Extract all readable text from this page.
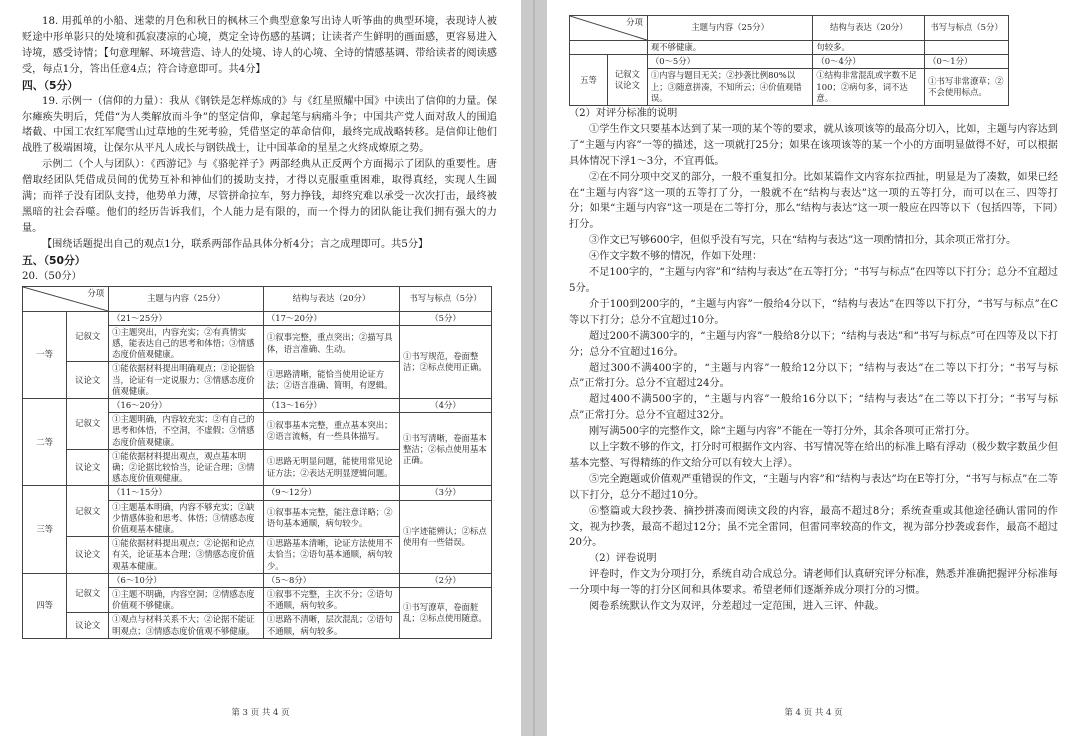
18. 用孤单的小船、迷蒙的月色和秋日的枫林三个典型意象写出诗人听筝曲的典型环境，表现诗人被贬途中形单影只的处境和孤寂凄凉的心境，奠定全诗伤感的基调；让读者产生鲜明的画面感，更容易进入诗境，感受诗情；【句意理解、环境营造、诗人的处境、诗人的心境、全诗的情感基调、带给读者的阅读感受，每点1分，答出任意4点；符合诗意即可。共4分】

四、（5分）

19. 示例一（信仰的力量）：我从《钢铁是怎样炼成的》与《红星照耀中国》中读出了信仰的力量。保尔瘫痪失明后，凭借“为人类解放而斗争”的坚定信仰，拿起笔与病痛斗争；中国共产党人面对敌人的围追堵截、中国工农红军爬雪山过草地的生死考验，凭借坚定的革命信仰，最终完成战略转移。是信仰让他们战胜了极端困境，让保尔从平凡人成长与钢铁战士，让中国革命的星星之火终成燎原之势。

示例二（个人与团队）：《西游记》与《骆驼祥子》两部经典从正反两个方面揭示了团队的重要性。唐僧取经团队凭借成员间的优势互补和神仙们的援助支持，才得以克服重重困难，取得真经，实现人生圆满；而祥子没有团队支持，他势单力薄，尽管拼命拉车，努力挣钱，却终究难以承受一次次打击，最终被黑暗的社会吞噬。他们的经历告诉我们，个人能力是有限的，而一个得力的团队能让我们拥有强大的力量。

【围绕话题提出自己的观点1分，联系两部作品具体分析4分；言之成理即可。共5分】

五、（50分）

20.（50分）

分项		主题与内容（25分）	结构与表达（20分）	书写与标点（5分）
一等	记叙文	（21～25分）	（17～20分）	（5分）
		①主题突出，内容充实；②有真情实感，能表达自己的思考和体悟；③情感态度价值观健康。	①叙事完整，重点突出；②描写具体，语言准确、生动。	①书写规范，卷面整洁；②标点使用正确。
	议论文	①能依据材料提出明确观点；②论据恰当，论证有一定说服力；③情感态度价值观健康。	①思路清晰，能恰当使用论证方法；②语言准确、简明，有逻辑。	
二等	记叙文	（16～20分）	（13～16分）	（4分）
		①主题明确，内容较充实；②有自己的思考和体悟，不空洞，不虚假；③情感态度价值观健康。	①叙事基本完整，重点基本突出；②语言流畅，有一些具体描写。	①书写清晰，卷面基本整洁；②标点使用基本正确。
	议论文	①能依据材料提出观点，观点基本明确；②论据比较恰当，论证合理；③情感态度价值观健康。	①思路无明显问题，能使用常见论证方法；②表达无明显逻辑问题。	
三等	记叙文	（11～15分）	（9～12分）	（3分）
		①主题基本明确，内容不够充实；②缺少情感体验和思考、体悟；③情感态度价值观基本健康。	①叙事基本完整，能注意详略；②语句基本通顺，病句较少。	①字迹能辨认；②标点使用有一些错误。
	议论文	①能依据材料提出观点；②论据和论点有关，论证基本合理；③情感态度价值观基本健康。	①思路基本清晰，论证方法使用不太恰当；②语句基本通顺，病句较少。	
四等	记叙文	（6～10分）	（5～8分）	（2分）
		①主题不明确，内容空洞；②情感态度价值观不够健康。	①叙事不完整，主次不分；②语句不通顺，病句较多。	①书写潦草，卷面脏乱；②标点使用随意。
	议论文	①观点与材料关系不大；②论据不能证明观点；③情感态度价值观不够健康。	①思路不清晰，层次混乱；②语句不通顺，病句较多。	
第 3 页 共 4 页
分项		主题与内容（25分）	结构与表达（20分）	书写与标点（5分）
		观不够健康。	句较多。	
五等	记叙文议论文	（0～5分）	（0～4分）	（0～1分）
		①内容与题目无关；②抄袭比例80%以上；③随意拼凑，不知所云；④价值观错误。	①结构非常混乱或字数不足100；②病句多，词不达意。	①书写非常潦草；②不会使用标点。

（2）对评分标准的说明

①学生作文只要基本达到了某一项的某个等的要求，就从该项该等的最高分切入，比如，主题与内容达到了“主题与内容”一等的描述，这一项就打25分；如果在该项该等的某一个小的方面明显做得不好，可以根据具体情况下浮1～3分，不宜再低。

②在不同分项中交叉的部分，一般不重复扣分。比如某篇作文内容东拉西扯，明显是为了凑数，如果已经在“主题与内容”这一项的五等打了分，一般就不在“结构与表达”这一项的五等打分，而可以在三、四等打分；如果“主题与内容”这一项是在二等打分，那么“结构与表达”这一项一般应在四等以下（包括四等，下同）打分。

③作文已写够600字，但似乎没有写完，只在“结构与表达”这一项酌情扣分，其余项正常打分。

④作文字数不够的情况，作如下处理：

不足100字的，“主题与内容”和“结构与表达”在五等打分；“书写与标点”在四等以下打分；总分不宜超过5分。

介于100到200字的，“主题与内容”一般给4分以下，“结构与表达”在四等以下打分，“书写与标点”在C等以下打分；总分不宜超过10分。

超过200不满300字的，“主题与内容”一般给8分以下；“结构与表达”和“书写与标点”可在四等及以下打分；总分不宜超过16分。

超过300不满400字的，“主题与内容”一般给12分以下；“结构与表达”在二等以下打分；“书写与标点”正常打分。总分不宜超过24分。

超过400不满500字的，“主题与内容”一般给16分以下；“结构与表达”在二等以下打分；“书写与标点”正常打分。总分不宜超过32分。

刚写满500字的完整作文，除“主题与内容”不能在一等打分外，其余各项可正常打分。

以上字数不够的作文，打分时可根据作文内容、书写情况等在给出的标准上略有浮动（极少数字数虽少但基本完整、写得精练的作文给分可以有较大上浮）。

⑤完全跑题或价值观严重错误的作文，“主题与内容”和“结构与表达”均在E等打分，“书写与标点”在二等以下打分，总分不超过10分。

⑥整篇或大段抄袭、摘抄拼凑而阅读文段的内容，最高不超过8分；系统查重或其他途径确认雷同的作文，视为抄袭，最高不超过12分；虽不完全雷同，但雷同率较高的作文，视为部分抄袭或套作，最高不超过20分。

（2）评卷说明

评卷时，作文为分项打分，系统自动合成总分。请老师们认真研究评分标准，熟悉并准确把握评分标准每一分项中每一等的打分区间和具体要求。希望老师们逐渐养成分项打分的习惯。

阅卷系统默认作文为双评，分差超过一定范围，进入三评、仲裁。

第 4 页 共 4 页
